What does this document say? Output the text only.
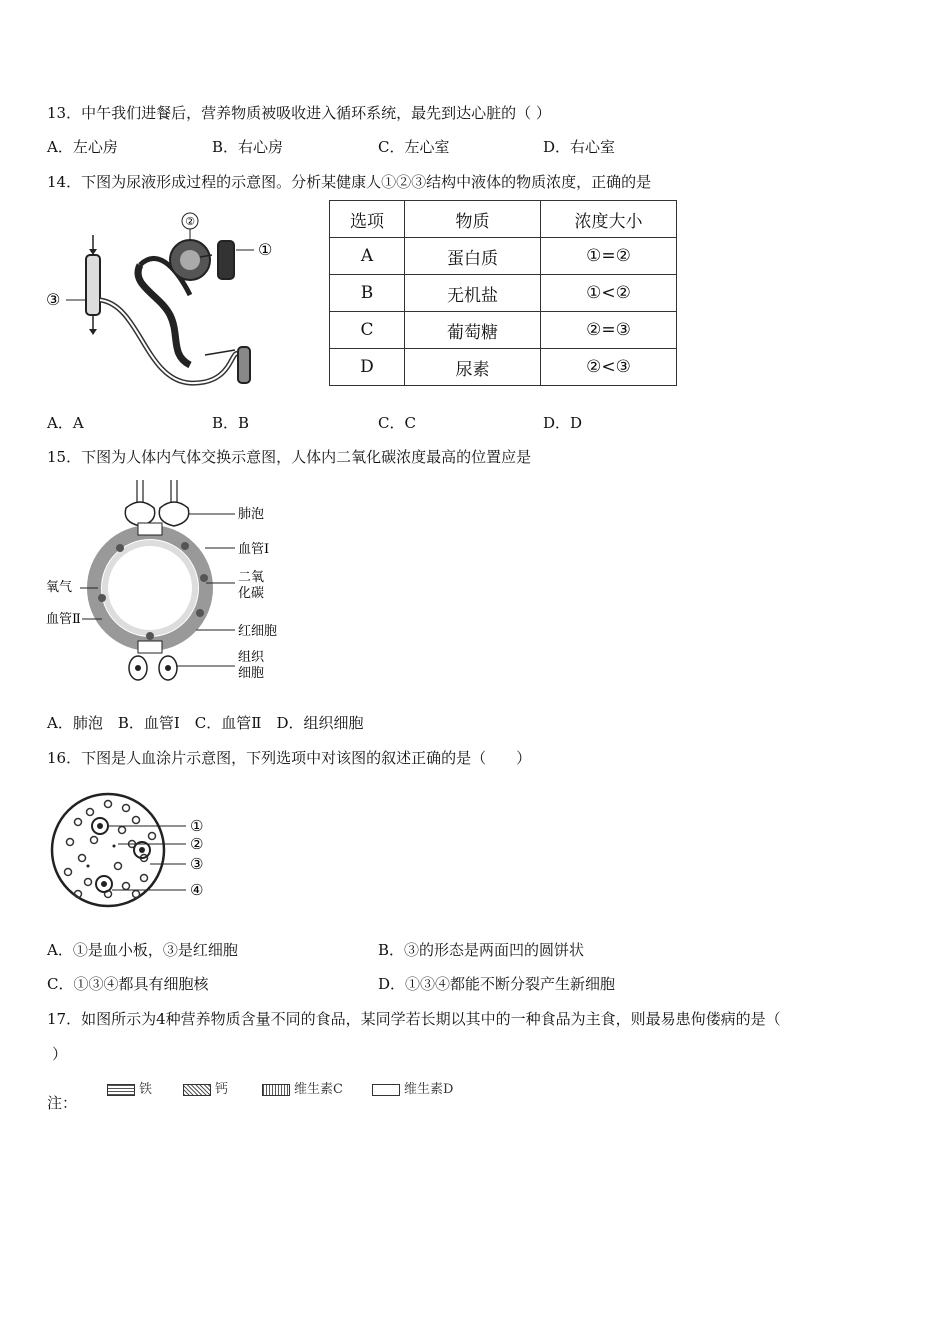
13．中午我们进餐后，营养物质被吸收进入循环系统，最先到达心脏的（ ）
A．左心房	B．右心房	C．左心室	D．右心室
14．下图为尿液形成过程的示意图。分析某健康人①②③结构中液体的物质浓度，正确的是
②
①
③
选项	物质	浓度大小
A	蛋白质	①=②
B	无机盐	①<②
C	葡萄糖	②=③
D	尿素	②<③
A．A	B．B	C．C	D．D
15．下图为人体内气体交换示意图，人体内二氧化碳浓度最高的位置应是
肺泡
血管Ⅰ
二氧
化碳
红细胞
组织
细胞
氧气
血管Ⅱ
A．肺泡　B．血管Ⅰ　C．血管Ⅱ　D．组织细胞
16．下图是人血涂片示意图，下列选项中对该图的叙述正确的是（　　）
①
②
③
④
A．①是血小板，③是红细胞	B．③的形态是两面凹的圆饼状
C．①③④都具有细胞核	D．①③④都能不断分裂产生新细胞
17．如图所示为4种营养物质含量不同的食品，某同学若长期以其中的一种食品为主食，则最易患佝偻病的是（
）
注：
铁	钙	维生素C	维生素D
